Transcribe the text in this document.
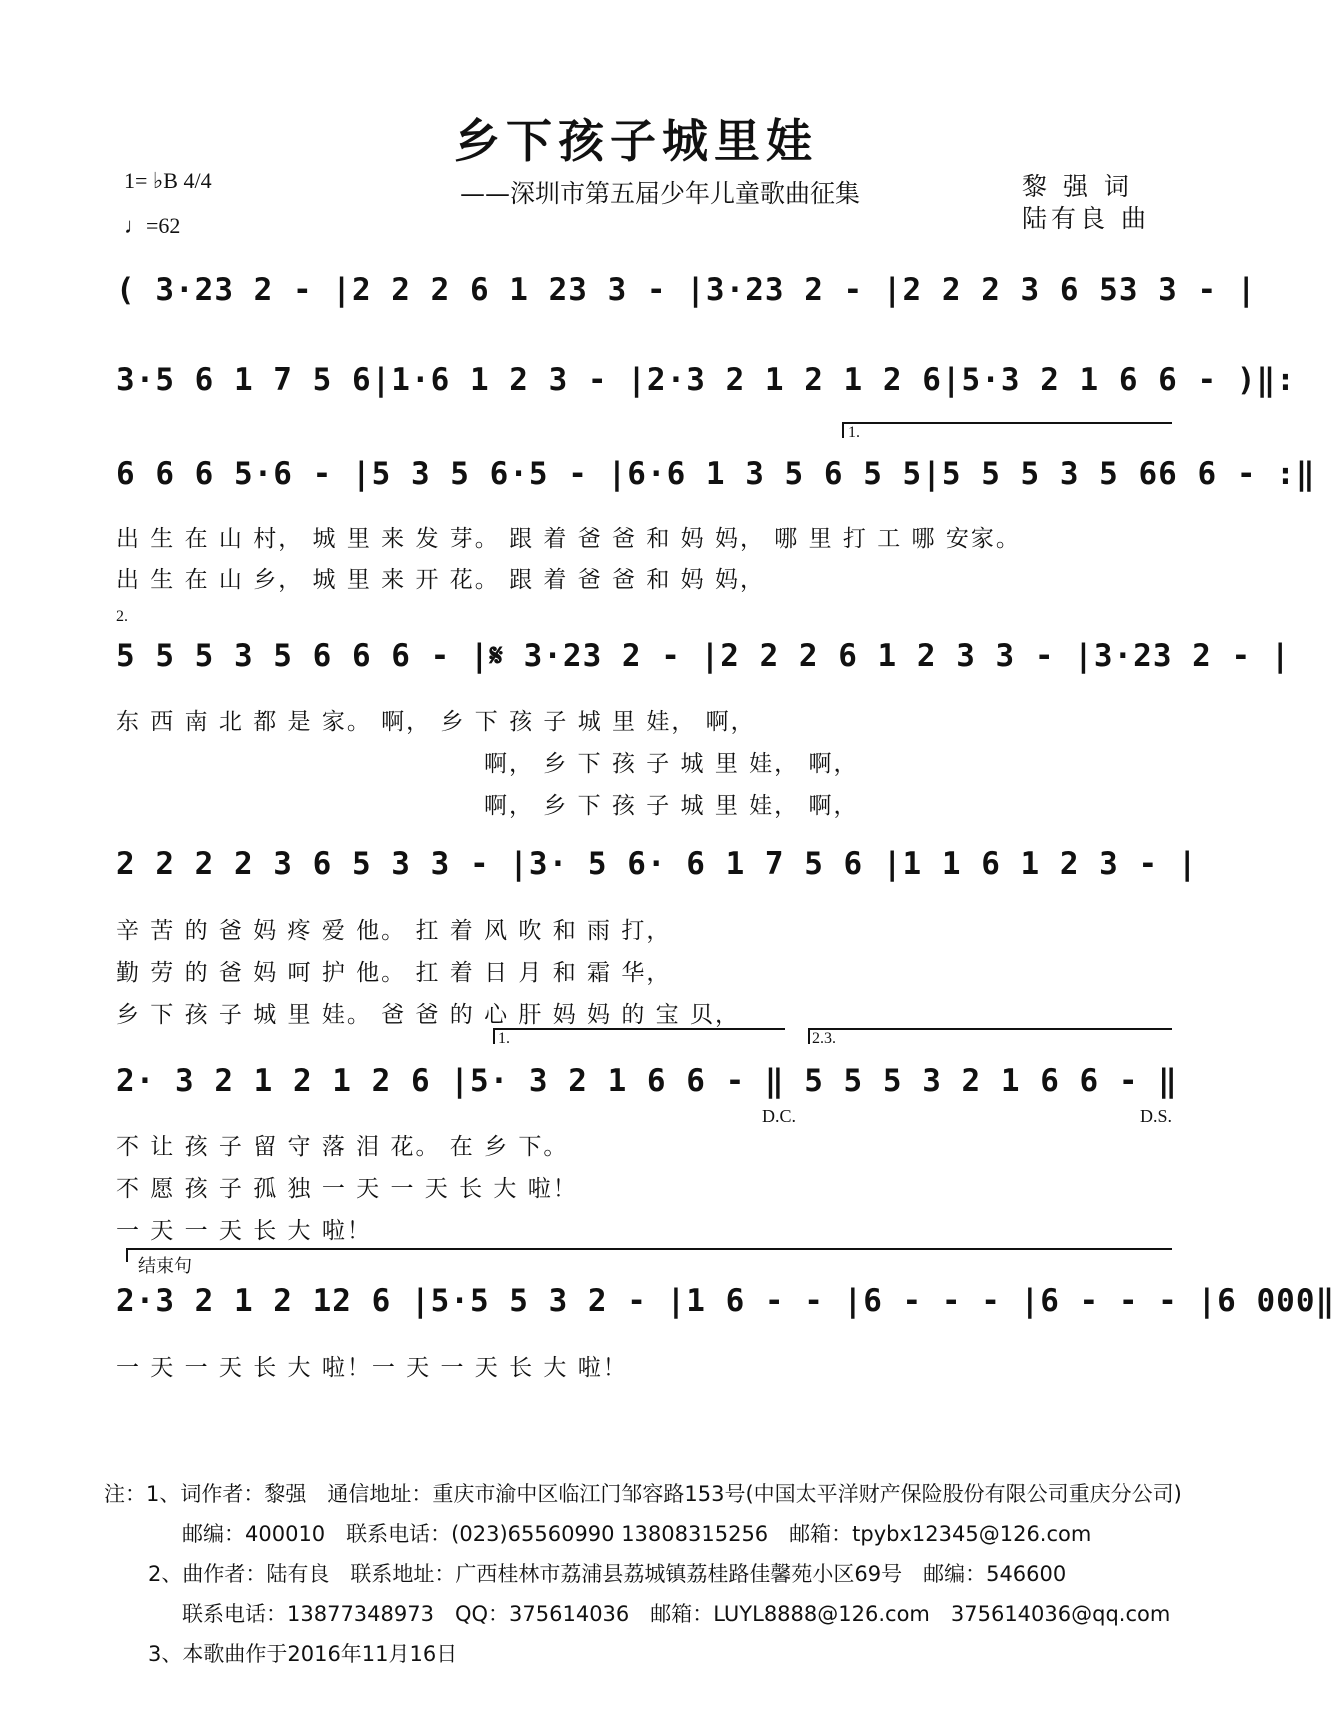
乡下孩子城里娃
——深圳市第五届少年儿童歌曲征集	黎 强 词
陆有良 曲
1= ♭B 4/4
♩=62
( 3·23 2 - |2 2 2 6 1 23 3 - |3·23 2 - |2 2 2 3 6 53 3 - |
3·5 6 1 7 5 6|1·6 1 2 3 - |2·3 2 1 2 1 2 6|5·3 2 1 6 6 - )‖:
1.
6 6 6 5·6 - |5 3 5 6·5 - |6·6 1 3 5 6 5 5|5 5 5 3 5 66 6 - :‖
出 生 在 山 村， 城 里 来 发 芽。 跟 着 爸 爸 和 妈 妈， 哪 里 打 工 哪 安家。
出 生 在 山 乡， 城 里 来 开 花。 跟 着 爸 爸 和 妈 妈，
2.
5 5 5 3 5 6 6 6 - |𝄋 3·23 2 - |2 2 2 6 1 2 3 3 - |3·23 2 - |
东 西 南 北 都 是 家。 啊， 乡 下 孩 子 城 里 娃， 啊，
啊， 乡 下 孩 子 城 里 娃， 啊，
啊， 乡 下 孩 子 城 里 娃， 啊，
2 2 2 2 3 6 5 3 3 - |3· 5 6· 6 1 7 5 6 |1 1 6 1 2 3 - |
辛 苦 的 爸 妈 疼 爱 他。 扛 着 风 吹 和 雨 打，
勤 劳 的 爸 妈 呵 护 他。 扛 着 日 月 和 霜 华，
乡 下 孩 子 城 里 娃。 爸 爸 的 心 肝 妈 妈 的 宝 贝，
1.	2.3.
2· 3 2 1 2 1 2 6 |5· 3 2 1 6 6 - ‖ 5 5 5 3 2 1 6 6 - ‖
D.C.	D.S.
不 让 孩 子 留 守 落 泪 花。 在 乡 下。
不 愿 孩 子 孤 独 一 天 一 天 长 大 啦！
一 天 一 天 长 大 啦！
结束句
2·3 2 1 2 12 6 |5·5 5 3 2 - |1 6 - - |6 - - - |6 - - - |6 000‖
一 天 一 天 长 大 啦！一 天 一 天 长 大 啦！
注：1、词作者：黎强　通信地址：重庆市渝中区临江门邹容路153号(中国太平洋财产保险股份有限公司重庆分公司)
邮编：400010　联系电话：(023)65560990 13808315256　邮箱：tpybx12345@126.com
2、曲作者：陆有良　联系地址：广西桂林市荔浦县荔城镇荔桂路佳馨苑小区69号　邮编：546600
联系电话：13877348973　QQ：375614036　邮箱：LUYL8888@126.com　375614036@qq.com
3、本歌曲作于2016年11月16日
